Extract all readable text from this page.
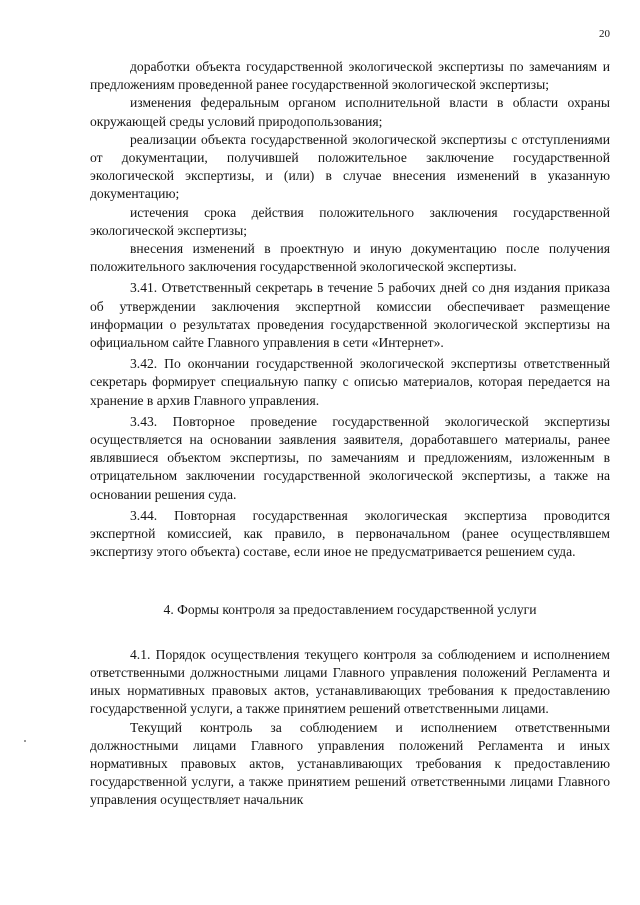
20

доработки объекта государственной экологической экспертизы по замечаниям и предложениям проведенной ранее государственной экологической экспертизы;

изменения федеральным органом исполнительной власти в области охраны окружающей среды условий природопользования;

реализации объекта государственной экологической экспертизы с отступлениями от документации, получившей положительное заключение государственной экологической экспертизы, и (или) в случае внесения изменений в указанную документацию;

истечения срока действия положительного заключения государственной экологической экспертизы;

внесения изменений в проектную и иную документацию после получения положительного заключения государственной экологической экспертизы.

3.41. Ответственный секретарь в течение 5 рабочих дней со дня издания приказа об утверждении заключения экспертной комиссии обеспечивает размещение информации о результатах проведения государственной экологической экспертизы на официальном сайте Главного управления в сети «Интернет».

3.42. По окончании государственной экологической экспертизы ответственный секретарь формирует специальную папку с описью материалов, которая передается на хранение в архив Главного управления.

3.43. Повторное проведение государственной экологической экспертизы осуществляется на основании заявления заявителя, доработавшего материалы, ранее являвшиеся объектом экспертизы, по замечаниям и предложениям, изложенным в отрицательном заключении государственной экологической экспертизы, а также на основании решения суда.

3.44. Повторная государственная экологическая экспертиза проводится экспертной комиссией, как правило, в первоначальном (ранее осуществлявшем экспертизу этого объекта) составе, если иное не предусматривается решением суда.

4. Формы контроля за предоставлением государственной услуги

4.1. Порядок осуществления текущего контроля за соблюдением и исполнением ответственными должностными лицами Главного управления положений Регламента и иных нормативных правовых актов, устанавливающих требования к предоставлению государственной услуги, а также принятием решений ответственными лицами.

Текущий контроль за соблюдением и исполнением ответственными должностными лицами Главного управления положений Регламента и иных нормативных правовых актов, устанавливающих требования к предоставлению государственной услуги, а также принятием решений ответственными лицами Главного управления осуществляет начальник
